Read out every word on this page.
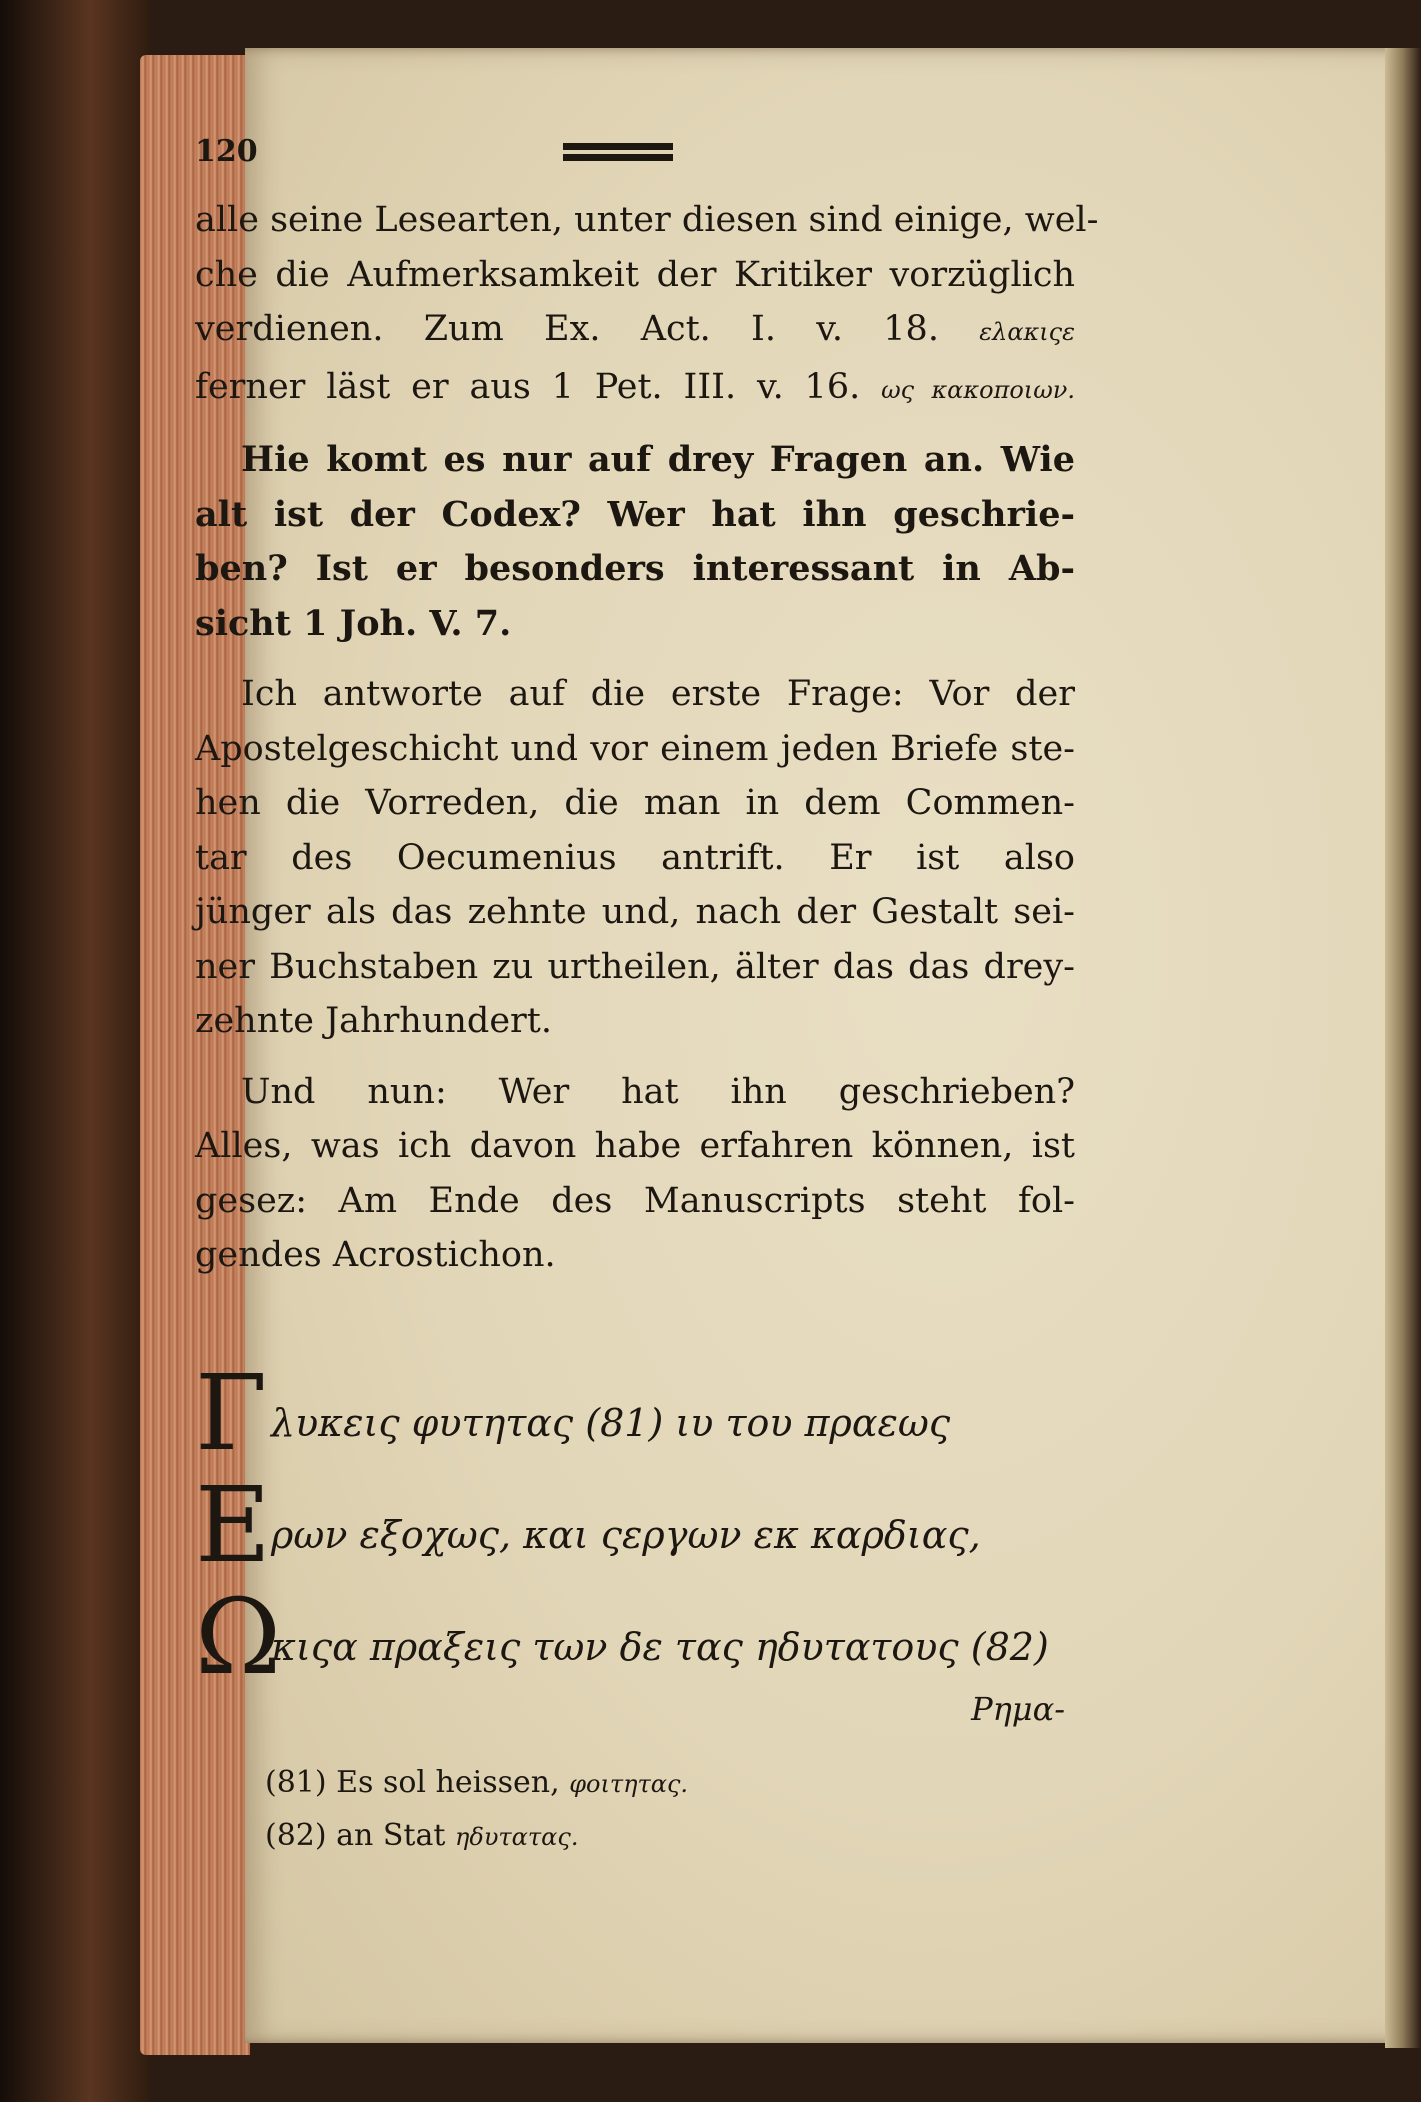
120
alle seine Lesearten, unter diesen sind einige, wel-
che die Aufmerksamkeit der Kritiker vorzüglich
verdienen. Zum Ex. Act. I. v. 18. ελακιςε
ferner läst er aus 1 Pet. III. v. 16. ως κακοποιων.
Hie komt es nur auf drey Fragen an. Wie
alt ist der Codex? Wer hat ihn geschrie-
ben? Ist er besonders interessant in Ab-
sicht 1 Joh. V. 7.
Ich antworte auf die erste Frage: Vor der
Apostelgeschicht und vor einem jeden Briefe ste-
hen die Vorreden, die man in dem Commen-
tar des Oecumenius antrift. Er ist also
jünger als das zehnte und, nach der Gestalt sei-
ner Buchstaben zu urtheilen, älter das das drey-
zehnte Jahrhundert.
Und nun: Wer hat ihn geschrieben?
Alles, was ich davon habe erfahren können, ist
gesez: Am Ende des Manuscripts steht fol-
gendes Acrostichon.
Γ λυκεις φυτητας (81) ιυ του πραεως
Ε ρων εξοχως, και ςεργων εκ καρδιας,
Ω
κιςα πραξεις των δε τας ηδυτατους (82)
Ρημα-
(81) Es sol heissen, φοιτητας.
(82) an Stat ηδυτατας.
